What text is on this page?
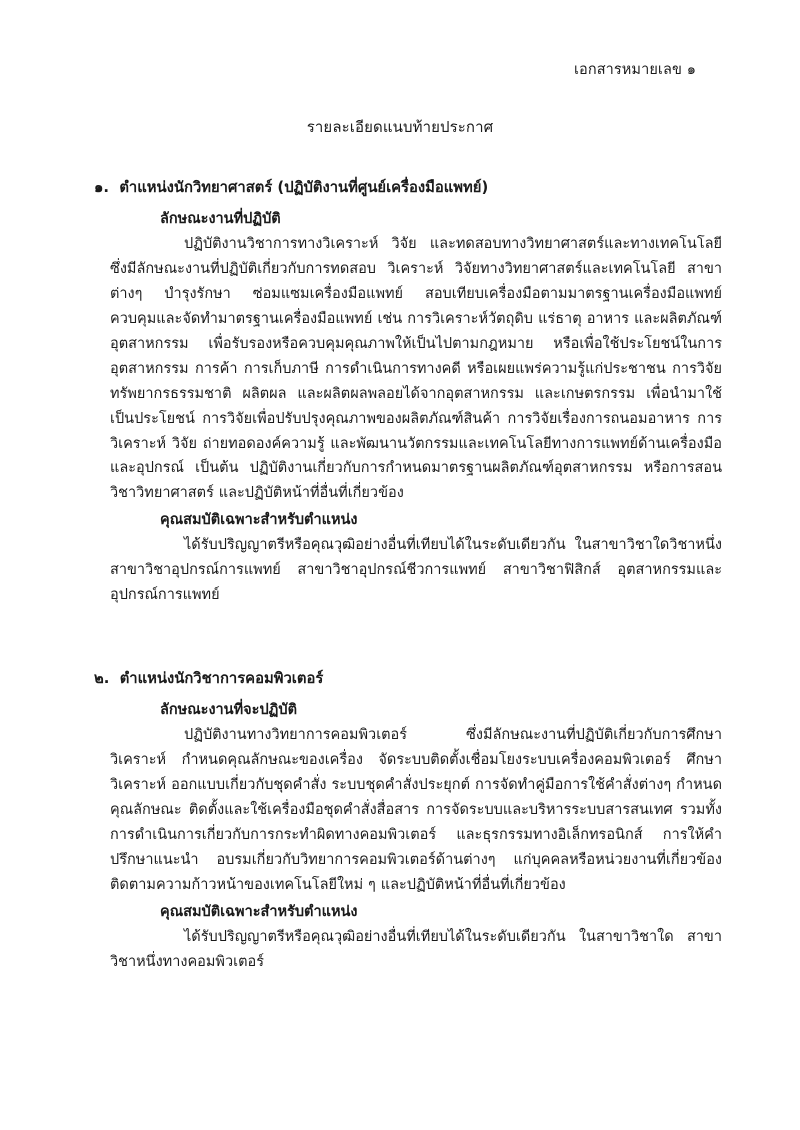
เอกสารหมายเลข ๑
รายละเอียดแนบท้ายประกาศ

๑. ตำแหน่งนักวิทยาศาสตร์ (ปฏิบัติงานที่ศูนย์เครื่องมือแพทย์)

ลักษณะงานที่ปฏิบัติ

ปฏิบัติงานวิชาการทางวิเคราะห์ วิจัย และทดสอบทางวิทยาศาสตร์และทางเทคโนโลยี ซึ่งมีลักษณะงานที่ปฏิบัติเกี่ยวกับการทดสอบ วิเคราะห์ วิจัยทางวิทยาศาสตร์และเทคโนโลยี สาขาต่างๆ บำรุงรักษา ซ่อมแซมเครื่องมือแพทย์ สอบเทียบเครื่องมือตามมาตรฐานเครื่องมือแพทย์ ควบคุมและจัดทำมาตรฐานเครื่องมือแพทย์ เช่น การวิเคราะห์วัตถุดิบ แร่ธาตุ อาหาร และผลิตภัณฑ์อุตสาหกรรม เพื่อรับรองหรือควบคุมคุณภาพให้เป็นไปตามกฎหมาย หรือเพื่อใช้ประโยชน์ในการอุตสาหกรรม การค้า การเก็บภาษี การดำเนินการทางคดี หรือเผยแพร่ความรู้แก่ประชาชน การวิจัยทรัพยากรธรรมชาติ ผลิตผล และผลิตผลพลอยได้จากอุตสาหกรรม และเกษตรกรรม เพื่อนำมาใช้เป็นประโยชน์ การวิจัยเพื่อปรับปรุงคุณภาพของผลิตภัณฑ์สินค้า การวิจัยเรื่องการถนอมอาหาร การวิเคราะห์ วิจัย ถ่ายทอดองค์ความรู้ และพัฒนานวัตกรรมและเทคโนโลยีทางการแพทย์ด้านเครื่องมือและอุปกรณ์ เป็นต้น ปฏิบัติงานเกี่ยวกับการกำหนดมาตรฐานผลิตภัณฑ์อุตสาหกรรม หรือการสอนวิชาวิทยาศาสตร์ และปฏิบัติหน้าที่อื่นที่เกี่ยวข้อง

คุณสมบัติเฉพาะสำหรับตำแหน่ง

ได้รับปริญญาตรีหรือคุณวุฒิอย่างอื่นที่เทียบได้ในระดับเดียวกัน ในสาขาวิชาใดวิชาหนึ่ง สาขาวิชาอุปกรณ์การแพทย์ สาขาวิชาอุปกรณ์ชีวการแพทย์ สาขาวิชาฟิสิกส์ อุตสาหกรรมและอุปกรณ์การแพทย์

๒. ตำแหน่งนักวิชาการคอมพิวเตอร์

ลักษณะงานที่จะปฏิบัติ

ปฏิบัติงานทางวิทยาการคอมพิวเตอร์ ซึ่งมีลักษณะงานที่ปฏิบัติเกี่ยวกับการศึกษา วิเคราะห์ กำหนดคุณลักษณะของเครื่อง จัดระบบติดตั้งเชื่อมโยงระบบเครื่องคอมพิวเตอร์ ศึกษา วิเคราะห์ ออกแบบเกี่ยวกับชุดคำสั่ง ระบบชุดคำสั่งประยุกต์ การจัดทำคู่มือการใช้คำสั่งต่างๆ กำหนดคุณลักษณะ ติดตั้งและใช้เครื่องมือชุดคำสั่งสื่อสาร การจัดระบบและบริหารระบบสารสนเทศ รวมทั้งการดำเนินการเกี่ยวกับการกระทำผิดทางคอมพิวเตอร์ และธุรกรรมทางอิเล็กทรอนิกส์ การให้คำปรึกษาแนะนำ อบรมเกี่ยวกับวิทยาการคอมพิวเตอร์ด้านต่างๆ แก่บุคคลหรือหน่วยงานที่เกี่ยวข้อง ติดตามความก้าวหน้าของเทคโนโลยีใหม่ ๆ และปฏิบัติหน้าที่อื่นที่เกี่ยวข้อง

คุณสมบัติเฉพาะสำหรับตำแหน่ง

ได้รับปริญญาตรีหรือคุณวุฒิอย่างอื่นที่เทียบได้ในระดับเดียวกัน ในสาขาวิชาใด สาขาวิชาหนึ่งทางคอมพิวเตอร์
